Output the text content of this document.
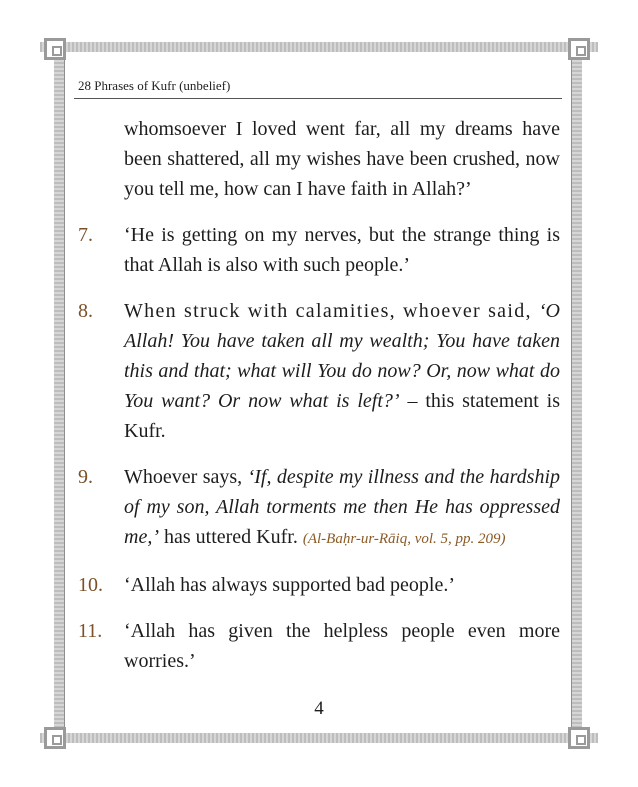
28 Phrases of Kufr (unbelief)
whomsoever I loved went far, all my dreams have been shattered, all my wishes have been crushed, now you tell me, how can I have faith in Allah?’
7.	‘He is getting on my nerves, but the strange thing is that Allah is also with such people.’
8.	When struck with calamities, whoever said, ‘O Allah! You have taken all my wealth; You have taken this and that; what will You do now? Or, now what do You want? Or now what is left?’ – this statement is Kufr.
9.	Whoever says, ‘If, despite my illness and the hardship of my son, Allah torments me then He has oppressed me,’ has uttered Kufr. (Al-Baḥr-ur-Rāiq, vol. 5, pp. 209)
10.	‘Allah has always supported bad people.’
11.	‘Allah has given the helpless people even more worries.’
4
